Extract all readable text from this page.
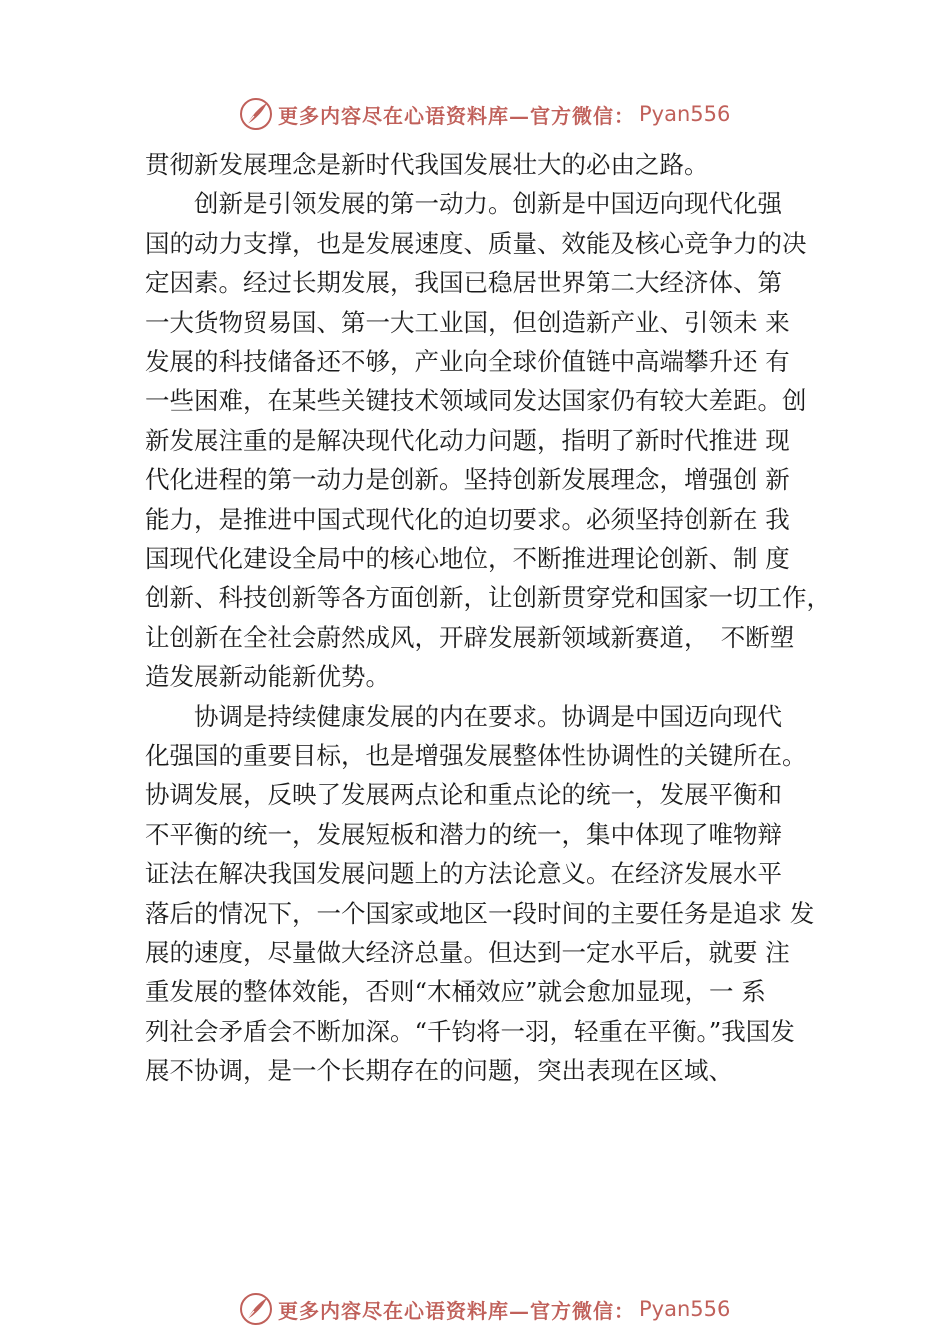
更多内容尽在心语资料库—官方微信： Pyan556
贯彻新发展理念是新时代我国发展壮大的必由之路。
　　创新是引领发展的第一动力。创新是中国迈向现代化强
国的动力支撑，也是发展速度、质量、效能及核心竞争力的决
定因素。经过长期发展，我国已稳居世界第二大经济体、第
一大货物贸易国、第一大工业国，但创造新产业、引领未 来
发展的科技储备还不够，产业向全球价值链中高端攀升还 有
一些困难，在某些关键技术领域同发达国家仍有较大差距。创
新发展注重的是解决现代化动力问题，指明了新时代推进 现
代化进程的第一动力是创新。坚持创新发展理念，增强创 新
能力，是推进中国式现代化的迫切要求。必须坚持创新在 我
国现代化建设全局中的核心地位，不断推进理论创新、制 度
创新、科技创新等各方面创新，让创新贯穿党和国家一切工作，
让创新在全社会蔚然成风，开辟发展新领域新赛道，　不断塑
造发展新动能新优势。
　　协调是持续健康发展的内在要求。协调是中国迈向现代
化强国的重要目标，也是增强发展整体性协调性的关键所在。
协调发展，反映了发展两点论和重点论的统一，发展平衡和
不平衡的统一，发展短板和潜力的统一，集中体现了唯物辩
证法在解决我国发展问题上的方法论意义。在经济发展水平
落后的情况下，一个国家或地区一段时间的主要任务是追求 发
展的速度，尽量做大经济总量。但达到一定水平后，就要 注
重发展的整体效能，否则“木桶效应”就会愈加显现，一 系
列社会矛盾会不断加深。“千钧将一羽，轻重在平衡。”我国发
展不协调，是一个长期存在的问题，突出表现在区域、
更多内容尽在心语资料库—官方微信： Pyan556
